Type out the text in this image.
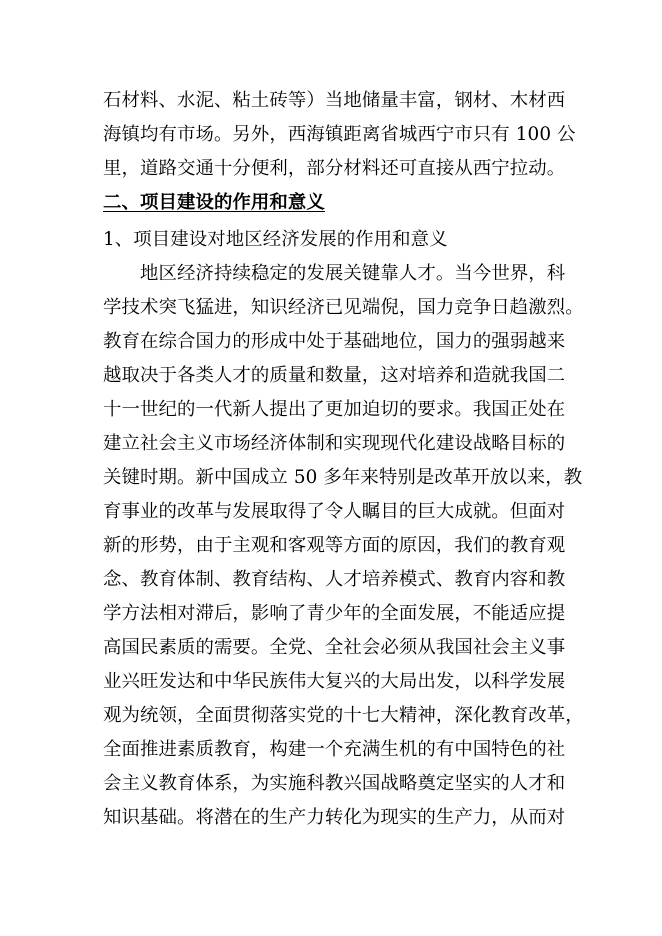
石材料、水泥、粘土砖等）当地储量丰富，钢材、木材西
海镇均有市场。另外，西海镇距离省城西宁市只有 100 公
里，道路交通十分便利，部分材料还可直接从西宁拉动。
二、项目建设的作用和意义
1、项目建设对地区经济发展的作用和意义
地区经济持续稳定的发展关键靠人才。当今世界，科
学技术突飞猛进，知识经济已见端倪，国力竞争日趋激烈。
教育在综合国力的形成中处于基础地位，国力的强弱越来
越取决于各类人才的质量和数量，这对培养和造就我国二
十一世纪的一代新人提出了更加迫切的要求。我国正处在
建立社会主义市场经济体制和实现现代化建设战略目标的
关键时期。新中国成立 50 多年来特别是改革开放以来，教
育事业的改革与发展取得了令人瞩目的巨大成就。但面对
新的形势，由于主观和客观等方面的原因，我们的教育观
念、教育体制、教育结构、人才培养模式、教育内容和教
学方法相对滞后，影响了青少年的全面发展，不能适应提
高国民素质的需要。全党、全社会必须从我国社会主义事
业兴旺发达和中华民族伟大复兴的大局出发，以科学发展
观为统领，全面贯彻落实党的十七大精神，深化教育改革，
全面推进素质教育，构建一个充满生机的有中国特色的社
会主义教育体系，为实施科教兴国战略奠定坚实的人才和
知识基础。将潜在的生产力转化为现实的生产力，从而对
